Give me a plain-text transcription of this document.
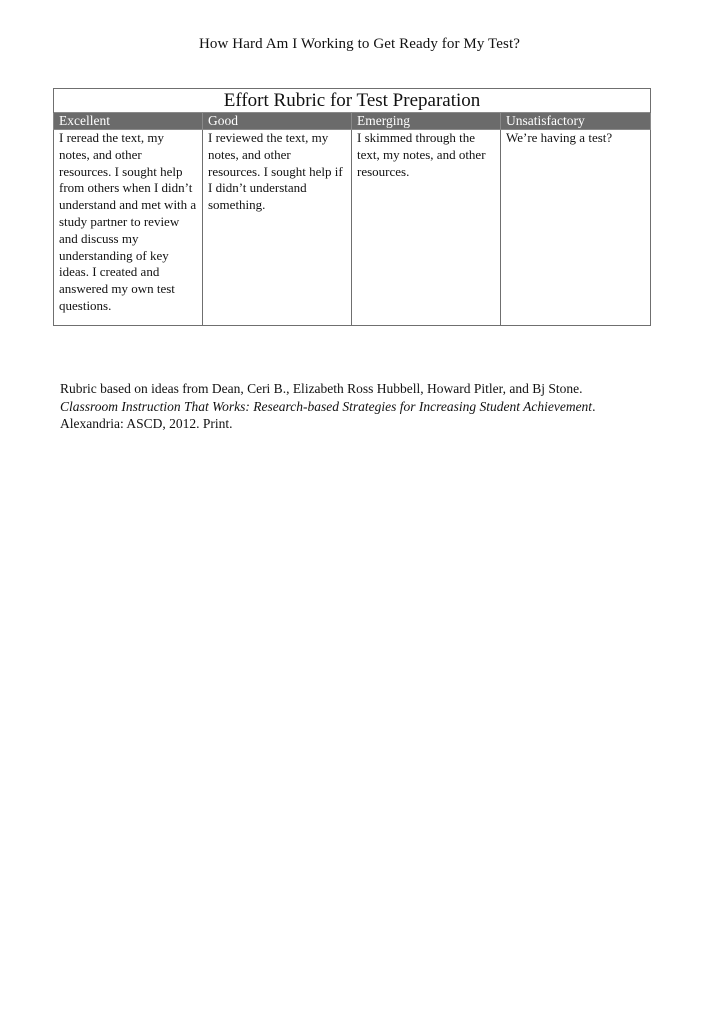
How Hard Am I Working to Get Ready for My Test?
Effort Rubric for Test Preparation			
Excellent	Good	Emerging	Unsatisfactory
I reread the text, my notes, and other resources. I sought help from others when I didn’t understand and met with a study partner to review and discuss my understanding of key ideas. I created and answered my own test questions.	I reviewed the text, my notes, and other resources. I sought help if I didn’t understand something.	I skimmed through the text, my notes, and other resources.	We’re having a test?
Rubric based on ideas from Dean, Ceri B., Elizabeth Ross Hubbell, Howard Pitler, and Bj Stone.
Classroom Instruction That Works: Research-based Strategies for Increasing Student Achievement.
Alexandria: ASCD, 2012. Print.
